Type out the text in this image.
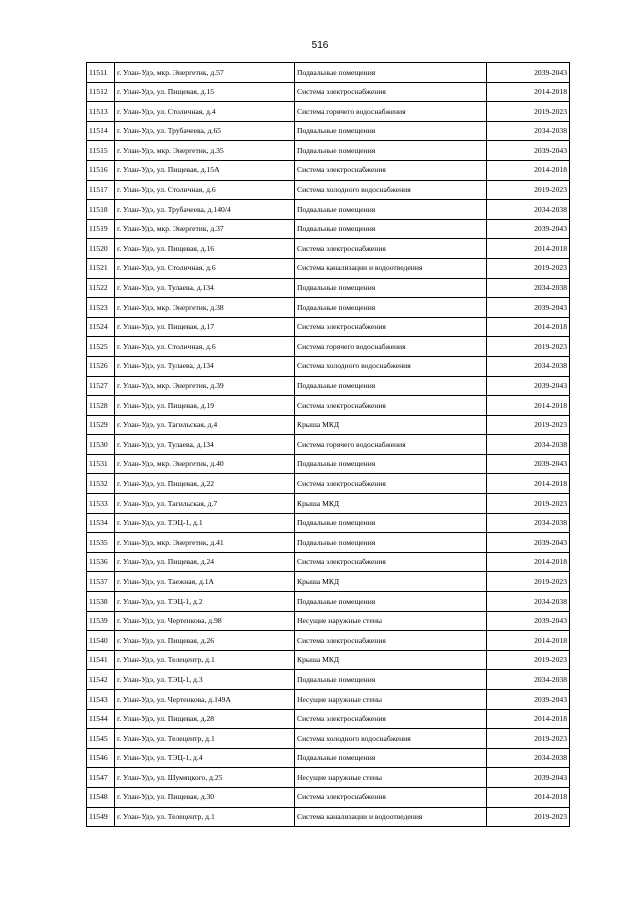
516
11511	г. Улан-Удэ, мкр. Энергетик, д.57	Подвальные помещения	2039-2043
11512	г. Улан-Удэ, ул. Пищевая, д.15	Система электроснабжения	2014-2018
11513	г. Улан-Удэ, ул. Столичная, д.4	Система горячего водоснабжения	2019-2023
11514	г. Улан-Удэ, ул. Трубачеева, д.65	Подвальные помещения	2034-2038
11515	г. Улан-Удэ, мкр. Энергетик, д.35	Подвальные помещения	2039-2043
11516	г. Улан-Удэ, ул. Пищевая, д.15А	Система электроснабжения	2014-2018
11517	г. Улан-Удэ, ул. Столичная, д.6	Система холодного водоснабжения	2019-2023
11518	г. Улан-Удэ, ул. Трубачеева, д.140/4	Подвальные помещения	2034-2038
11519	г. Улан-Удэ, мкр. Энергетик, д.37	Подвальные помещения	2039-2043
11520	г. Улан-Удэ, ул. Пищевая, д.16	Система электроснабжения	2014-2018
11521	г. Улан-Удэ, ул. Столичная, д.6	Система канализации и водоотведения	2019-2023
11522	г. Улан-Удэ, ул. Тулаева, д.134	Подвальные помещения	2034-2038
11523	г. Улан-Удэ, мкр. Энергетик, д.38	Подвальные помещения	2039-2043
11524	г. Улан-Удэ, ул. Пищевая, д.17	Система электроснабжения	2014-2018
11525	г. Улан-Удэ, ул. Столичная, д.6	Система горячего водоснабжения	2019-2023
11526	г. Улан-Удэ, ул. Тулаева, д.134	Система холодного водоснабжения	2034-2038
11527	г. Улан-Удэ, мкр. Энергетик, д.39	Подвальные помещения	2039-2043
11528	г. Улан-Удэ, ул. Пищевая, д.19	Система электроснабжения	2014-2018
11529	г. Улан-Удэ, ул. Тагильская, д.4	Крыша МКД	2019-2023
11530	г. Улан-Удэ, ул. Тулаева, д.134	Система горячего водоснабжения	2034-2038
11531	г. Улан-Удэ, мкр. Энергетик, д.40	Подвальные помещения	2039-2043
11532	г. Улан-Удэ, ул. Пищевая, д.22	Система электроснабжения	2014-2018
11533	г. Улан-Удэ, ул. Тагильская, д.7	Крыша МКД	2019-2023
11534	г. Улан-Удэ, ул. ТЭЦ-1, д.1	Подвальные помещения	2034-2038
11535	г. Улан-Удэ, мкр. Энергетик, д.41	Подвальные помещения	2039-2043
11536	г. Улан-Удэ, ул. Пищевая, д.24	Система электроснабжения	2014-2018
11537	г. Улан-Удэ, ул. Таежная, д.1А	Крыша МКД	2019-2023
11538	г. Улан-Удэ, ул. ТЭЦ-1, д.2	Подвальные помещения	2034-2038
11539	г. Улан-Удэ, ул. Чертенкова, д.98	Несущие наружные стены	2039-2043
11540	г. Улан-Удэ, ул. Пищевая, д.26	Система электроснабжения	2014-2018
11541	г. Улан-Удэ, ул. Телецентр, д.1	Крыша МКД	2019-2023
11542	г. Улан-Удэ, ул. ТЭЦ-1, д.3	Подвальные помещения	2034-2038
11543	г. Улан-Удэ, ул. Чертенкова, д.149А	Несущие наружные стены	2039-2043
11544	г. Улан-Удэ, ул. Пищевая, д.28	Система электроснабжения	2014-2018
11545	г. Улан-Удэ, ул. Телецентр, д.1	Система холодного водоснабжения	2019-2023
11546	г. Улан-Удэ, ул. ТЭЦ-1, д.4	Подвальные помещения	2034-2038
11547	г. Улан-Удэ, ул. Шумяцкого, д.25	Несущие наружные стены	2039-2043
11548	г. Улан-Удэ, ул. Пищевая, д.30	Система электроснабжения	2014-2018
11549	г. Улан-Удэ, ул. Телецентр, д.1	Система канализации и водоотведения	2019-2023
